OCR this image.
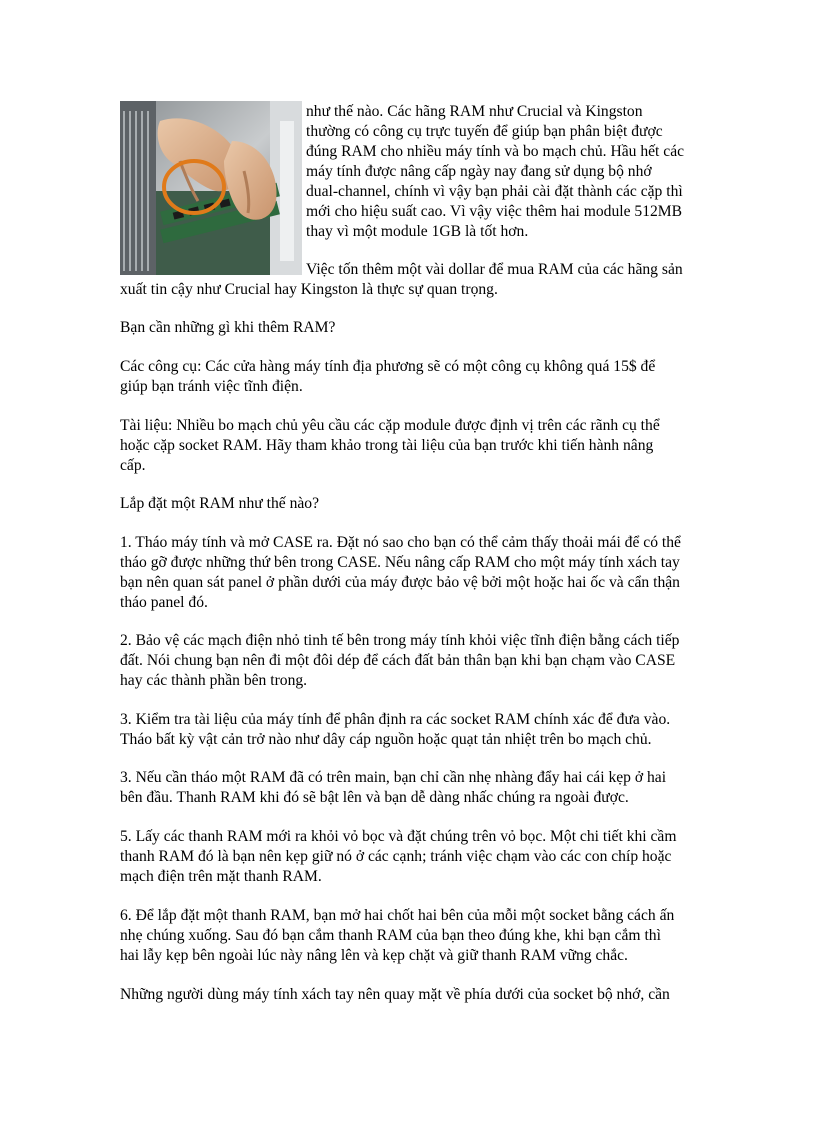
như thế nào. Các hãng RAM như Crucial và Kingston
thường có công cụ trực tuyến để giúp bạn phân biệt được
đúng RAM cho nhiều máy tính và bo mạch chủ. Hầu hết các
máy tính được nâng cấp ngày nay đang sử dụng bộ nhớ
dual-channel, chính vì vậy bạn phải cài đặt thành các cặp thì
mới cho hiệu suất cao. Vì vậy việc thêm hai module 512MB
thay vì một module 1GB là tốt hơn.
Việc tốn thêm một vài dollar để mua RAM của các hãng sản
xuất tin cậy như Crucial hay Kingston là thực sự quan trọng.
Bạn cần những gì khi thêm RAM?
Các công cụ: Các cửa hàng máy tính địa phương sẽ có một công cụ không quá 15$ để
giúp bạn tránh việc tĩnh điện.
Tài liệu: Nhiều bo mạch chủ yêu cầu các cặp module được định vị trên các rãnh cụ thể
hoặc cặp socket RAM. Hãy tham khảo trong tài liệu của bạn trước khi tiến hành nâng
cấp.
Lắp đặt một RAM như thế nào?
1. Tháo máy tính và mở CASE ra. Đặt nó sao cho bạn có thể cảm thấy thoải mái để có thể
tháo gỡ được những thứ bên trong CASE. Nếu nâng cấp RAM cho một máy tính xách tay
bạn nên quan sát panel ở phần dưới của máy được bảo vệ bởi một hoặc hai ốc và cẩn thận
tháo panel đó.
2. Bảo vệ các mạch điện nhỏ tinh tế bên trong máy tính khỏi việc tĩnh điện bằng cách tiếp
đất. Nói chung bạn nên đi một đôi dép để cách đất bản thân bạn khi bạn chạm vào CASE
hay các thành phần bên trong.
3. Kiểm tra tài liệu của máy tính để phân định ra các socket RAM chính xác để đưa vào.
Tháo bất kỳ vật cản trở nào như dây cáp nguồn hoặc quạt tản nhiệt trên bo mạch chủ.
3. Nếu cần tháo một RAM đã có trên main, bạn chỉ cần nhẹ nhàng đẩy hai cái kẹp ở hai
bên đầu. Thanh RAM khi đó sẽ bật lên và bạn dễ dàng nhấc chúng ra ngoài được.
5. Lấy các thanh RAM mới ra khỏi vỏ bọc và đặt chúng trên vỏ bọc. Một chi tiết khi cầm
thanh RAM đó là bạn nên kẹp giữ nó ở các cạnh; tránh việc chạm vào các con chíp hoặc
mạch điện trên mặt thanh RAM.
6. Để lắp đặt một thanh RAM, bạn mở hai chốt hai bên của mỗi một socket bằng cách ấn
nhẹ chúng xuống. Sau đó bạn cắm thanh RAM của bạn theo đúng khe, khi bạn cắm thì
hai lẫy kẹp bên ngoài lúc này nâng lên và kẹp chặt và giữ thanh RAM vững chắc.
Những người dùng máy tính xách tay nên quay mặt về phía dưới của socket bộ nhớ, cần
